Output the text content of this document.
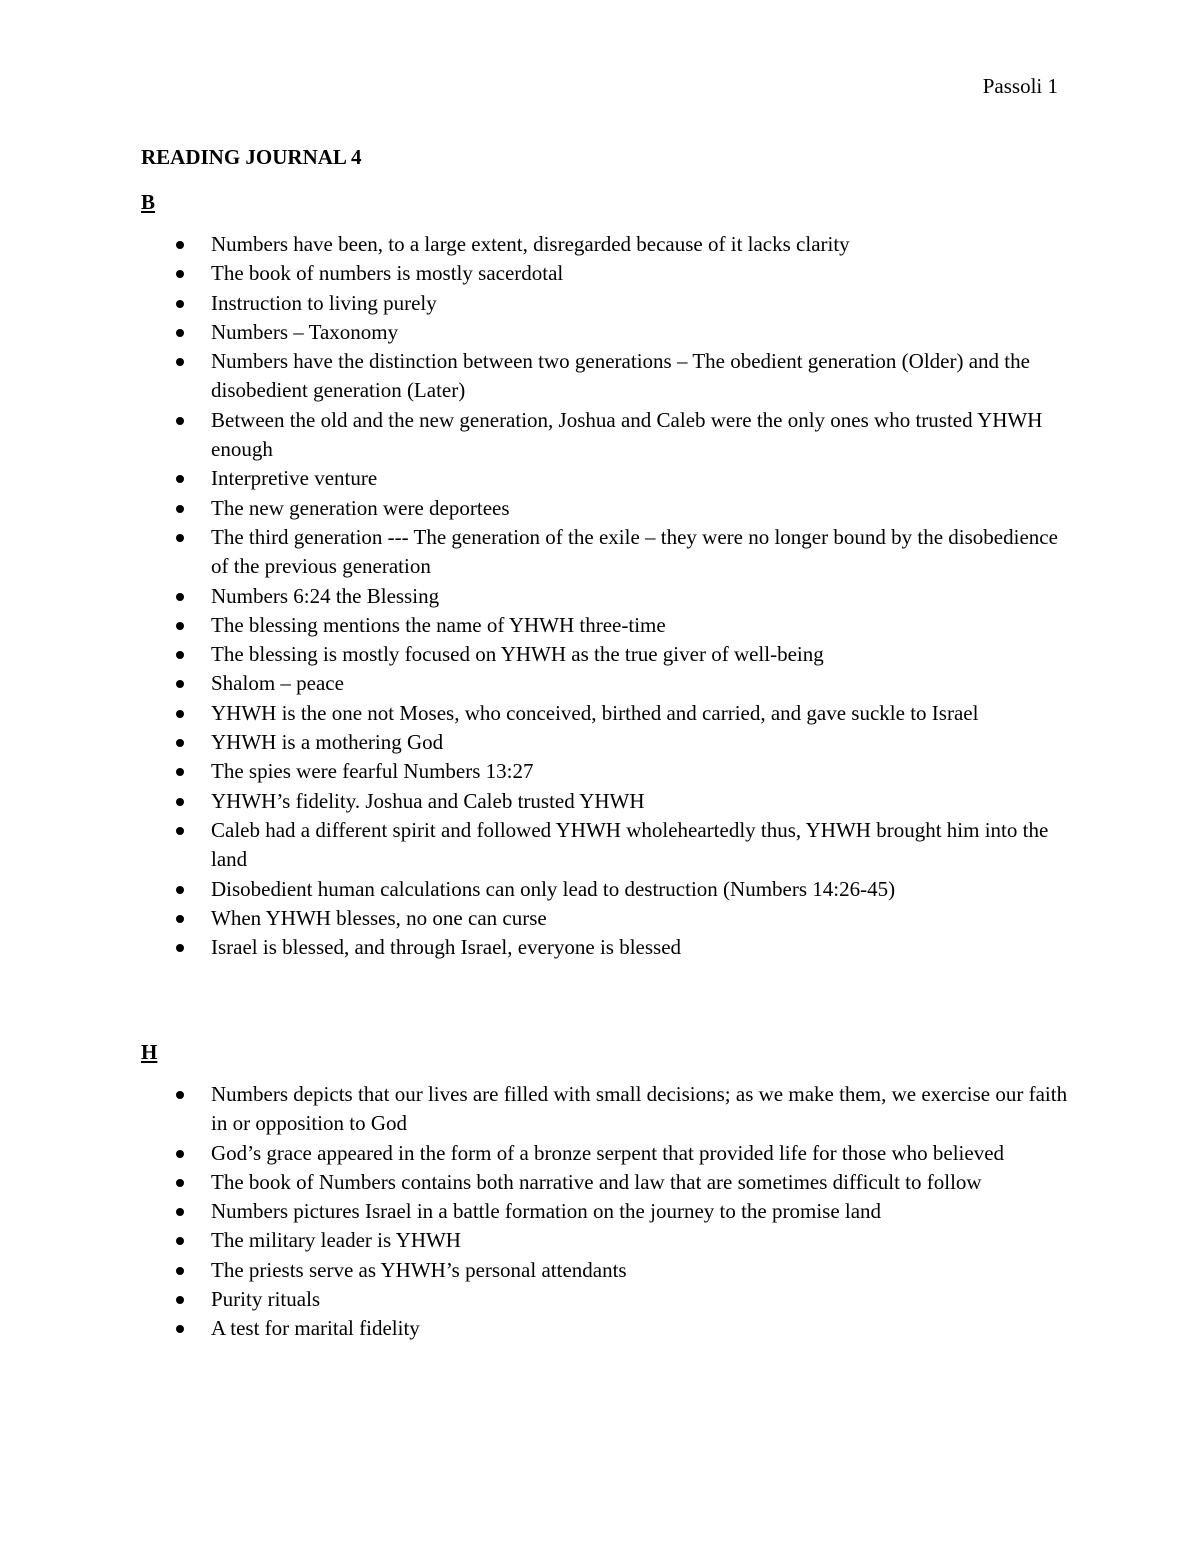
Passoli 1
READING JOURNAL 4
B
Numbers have been, to a large extent, disregarded because of it lacks clarity
The book of numbers is mostly sacerdotal
Instruction to living purely
Numbers – Taxonomy
Numbers have the distinction between two generations – The obedient generation (Older) and the disobedient generation (Later)
Between the old and the new generation, Joshua and Caleb were the only ones who trusted YHWH enough
Interpretive venture
The new generation were deportees
The third generation --- The generation of the exile – they were no longer bound by the disobedience of the previous generation
Numbers 6:24 the Blessing
The blessing mentions the name of YHWH three-time
The blessing is mostly focused on YHWH as the true giver of well-being
Shalom – peace
YHWH is the one not Moses, who conceived, birthed and carried, and gave suckle to Israel
YHWH is a mothering God
The spies were fearful Numbers 13:27
YHWH’s fidelity. Joshua and Caleb trusted YHWH
Caleb had a different spirit and followed YHWH wholeheartedly thus, YHWH brought him into the land
Disobedient human calculations can only lead to destruction (Numbers 14:26-45)
When YHWH blesses, no one can curse
Israel is blessed, and through Israel, everyone is blessed
H
Numbers depicts that our lives are filled with small decisions; as we make them, we exercise our faith in or opposition to God
God’s grace appeared in the form of a bronze serpent that provided life for those who believed
The book of Numbers contains both narrative and law that are sometimes difficult to follow
Numbers pictures Israel in a battle formation on the journey to the promise land
The military leader is YHWH
The priests serve as YHWH’s personal attendants
Purity rituals
A test for marital fidelity
